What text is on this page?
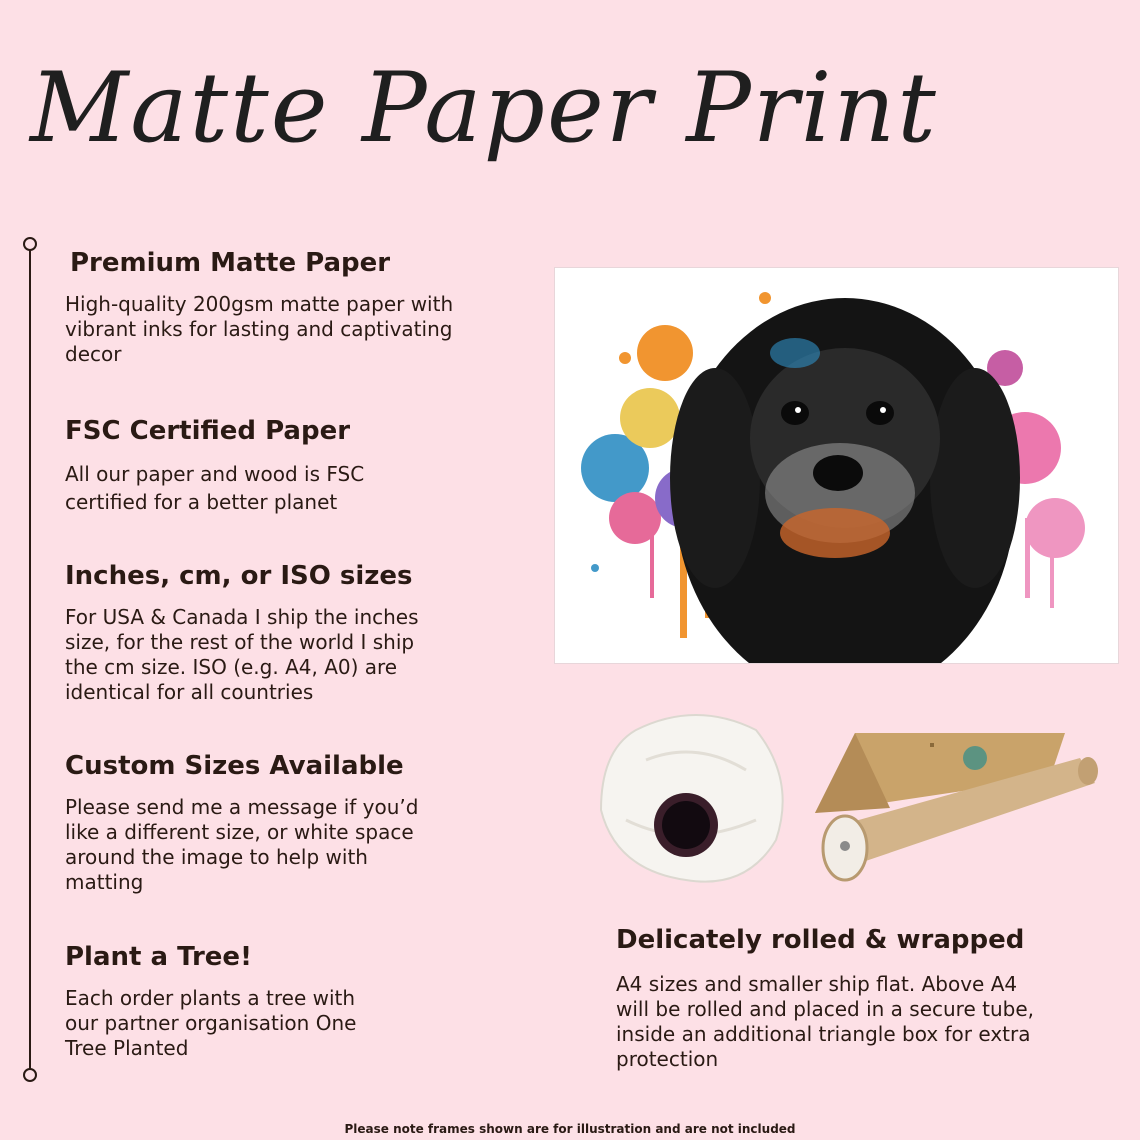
Matte Paper Print
Premium Matte Paper

High-quality 200gsm matte paper with vibrant inks for lasting and captivating decor

FSC Certified Paper

All our paper and wood is FSC certified for a better planet

Inches, cm, or ISO sizes

For USA & Canada I ship the inches size, for the rest of the world I ship the cm size. ISO (e.g. A4, A0) are identical for all countries

Custom Sizes Available

Please send me a message if you’d like a different size, or white space around the image to help with matting

Plant a Tree!

Each order plants a tree with our partner organisation One Tree Planted

Delicately rolled & wrapped

A4 sizes and smaller ship flat. Above A4 will be rolled and placed in a secure tube, inside an additional triangle box for extra protection

Please note frames shown are for illustration and are not included
